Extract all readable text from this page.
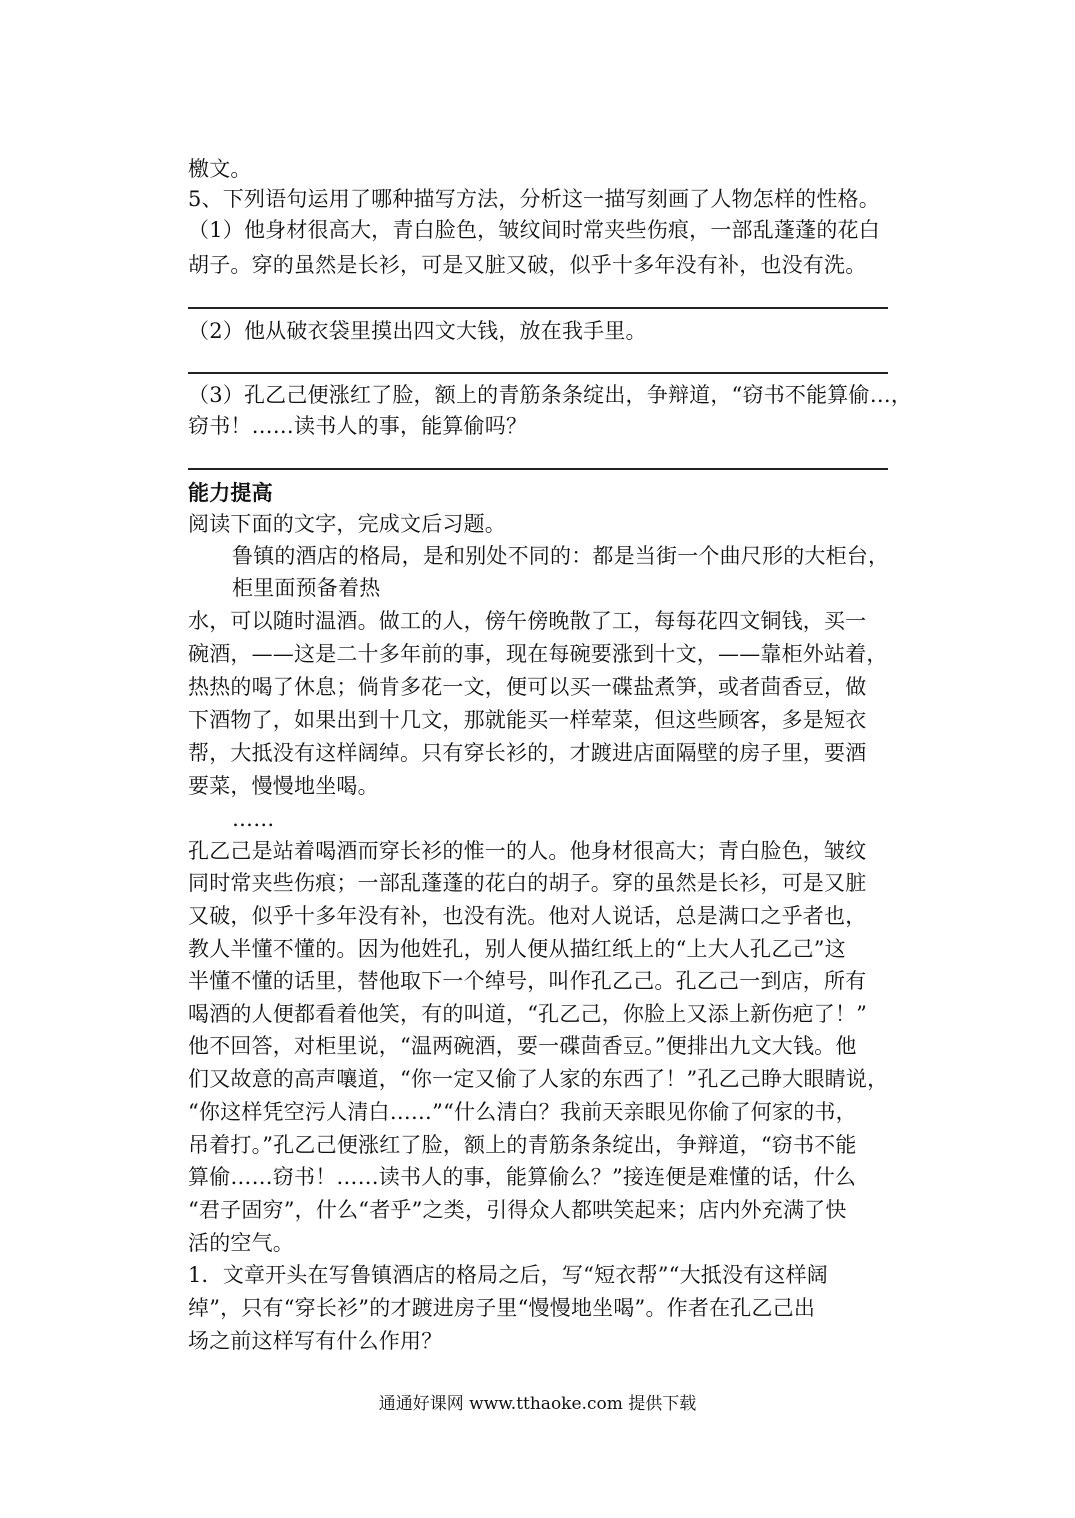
檄文。
5、下列语句运用了哪种描写方法，分析这一描写刻画了人物怎样的性格。
（1）他身材很高大，青白脸色，皱纹间时常夹些伤痕，一部乱蓬蓬的花白
胡子。穿的虽然是长衫，可是又脏又破，似乎十多年没有补，也没有洗。
（2）他从破衣袋里摸出四文大钱，放在我手里。
（3）孔乙己便涨红了脸，额上的青筋条条绽出，争辩道，“窃书不能算偷…，
窃书！……读书人的事，能算偷吗？
能力提高
阅读下面的文字，完成文后习题。
鲁镇的酒店的格局，是和别处不同的：都是当街一个曲尺形的大柜台，
柜里面预备着热
水，可以随时温酒。做工的人，傍午傍晚散了工，每每花四文铜钱，买一
碗酒，——这是二十多年前的事，现在每碗要涨到十文，——靠柜外站着，
热热的喝了休息；倘肯多花一文，便可以买一碟盐煮笋，或者茴香豆，做
下酒物了，如果出到十几文，那就能买一样荤菜，但这些顾客，多是短衣
帮，大抵没有这样阔绰。只有穿长衫的，才踱进店面隔壁的房子里，要酒
要菜，慢慢地坐喝。
……
孔乙己是站着喝酒而穿长衫的惟一的人。他身材很高大；青白脸色，皱纹
同时常夹些伤痕；一部乱蓬蓬的花白的胡子。穿的虽然是长衫，可是又脏
又破，似乎十多年没有补，也没有洗。他对人说话，总是满口之乎者也，
教人半懂不懂的。因为他姓孔，别人便从描红纸上的“上大人孔乙己”这
半懂不懂的话里，替他取下一个绰号，叫作孔乙己。孔乙己一到店，所有
喝酒的人便都看着他笑，有的叫道，“孔乙己，你脸上又添上新伤疤了！”
他不回答，对柜里说，“温两碗酒，要一碟茴香豆。”便排出九文大钱。他
们又故意的高声嚷道，“你一定又偷了人家的东西了！”孔乙己睁大眼睛说，
“你这样凭空污人清白……”“什么清白？我前天亲眼见你偷了何家的书，
吊着打。”孔乙己便涨红了脸，额上的青筋条条绽出，争辩道，“窃书不能
算偷……窃书！……读书人的事，能算偷么？”接连便是难懂的话，什么
“君子固穷”，什么“者乎”之类，引得众人都哄笑起来；店内外充满了快
活的空气。
1．文章开头在写鲁镇酒店的格局之后，写“短衣帮”“大抵没有这样阔
绰”，只有“穿长衫”的才踱进房子里“慢慢地坐喝”。作者在孔乙己出
场之前这样写有什么作用？
通通好课网 www.tthaoke.com 提供下载
